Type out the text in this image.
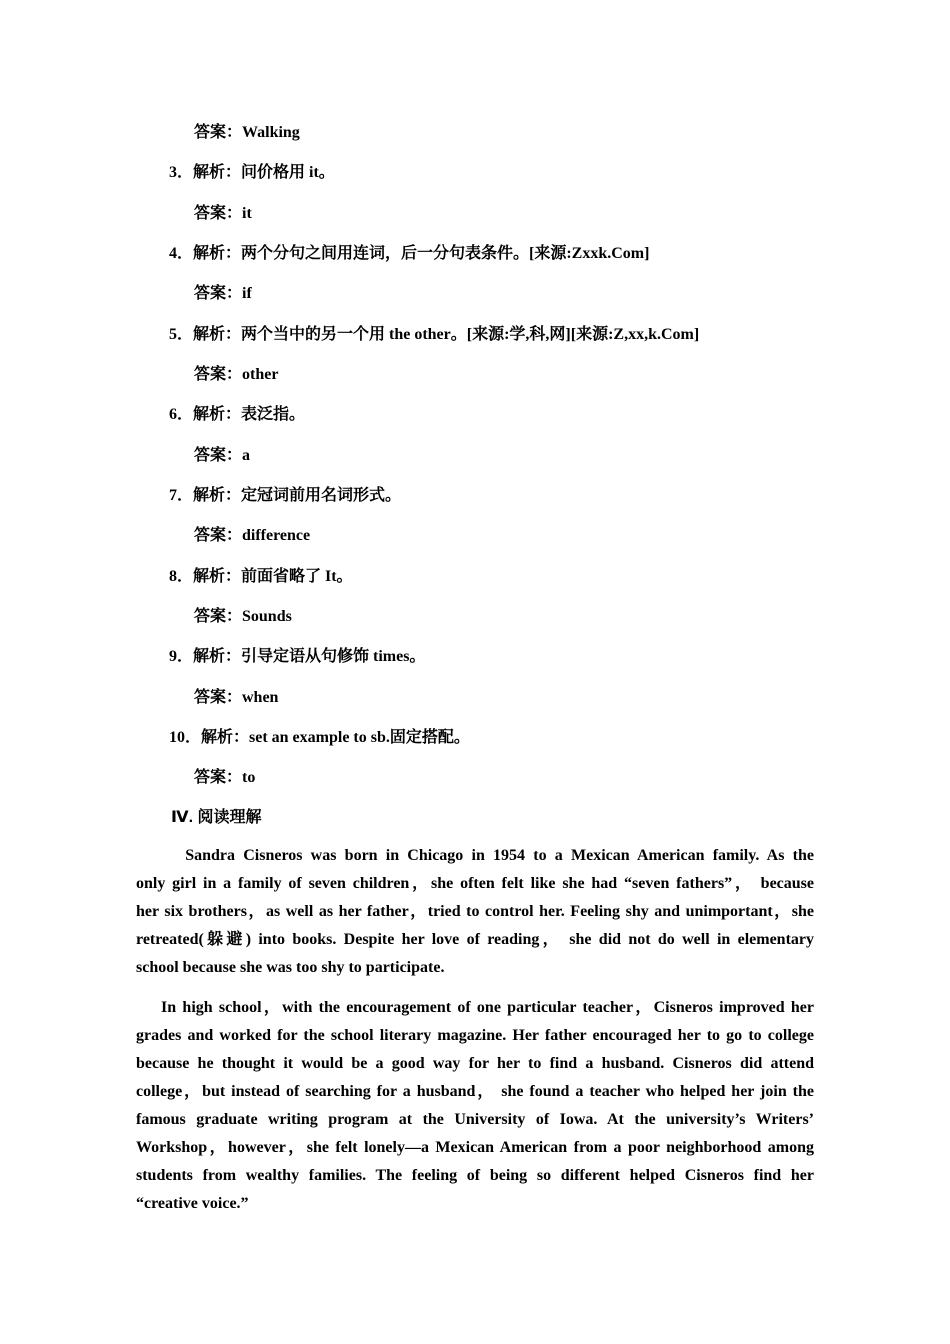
答案：Walking
3．解析：问价格用 it。
答案：it
4．解析：两个分句之间用连词，后一分句表条件。[来源:Zxxk.Com]
答案：if
5．解析：两个当中的另一个用 the other。[来源:学,科,网][来源:Z,xx,k.Com]
答案：other
6．解析：表泛指。
答案：a
7．解析：定冠词前用名词形式。
答案：difference
8．解析：前面省略了 It。
答案：Sounds
9．解析：引导定语从句修饰 times。
答案：when
10．解析：set an example to sb.固定搭配。
答案：to
Ⅳ. 阅读理解
Sandra Cisneros was born in Chicago in 1954 to a Mexican American family. As the
only girl in a family of seven children，she often felt like she had “seven fathers”， because
her six brothers，as well as her father，tried to control her. Feeling shy and unimportant，she
retreated(躲避) into books. Despite her love of reading， she did not do well in elementary
school because she was too shy to participate.
In high school，with the encouragement of one particular teacher，Cisneros improved her
grades and worked for the school literary magazine. Her father encouraged her to go to college
because he thought it would be a good way for her to find a husband. Cisneros did attend
college，but instead of searching for a husband， she found a teacher who helped her join the
famous graduate writing program at the University of Iowa. At the university’s Writers’
Workshop，however，she felt lonely—a Mexican American from a poor neighborhood among
students from wealthy families. The feeling of being so different helped Cisneros find her
“creative voice.”
